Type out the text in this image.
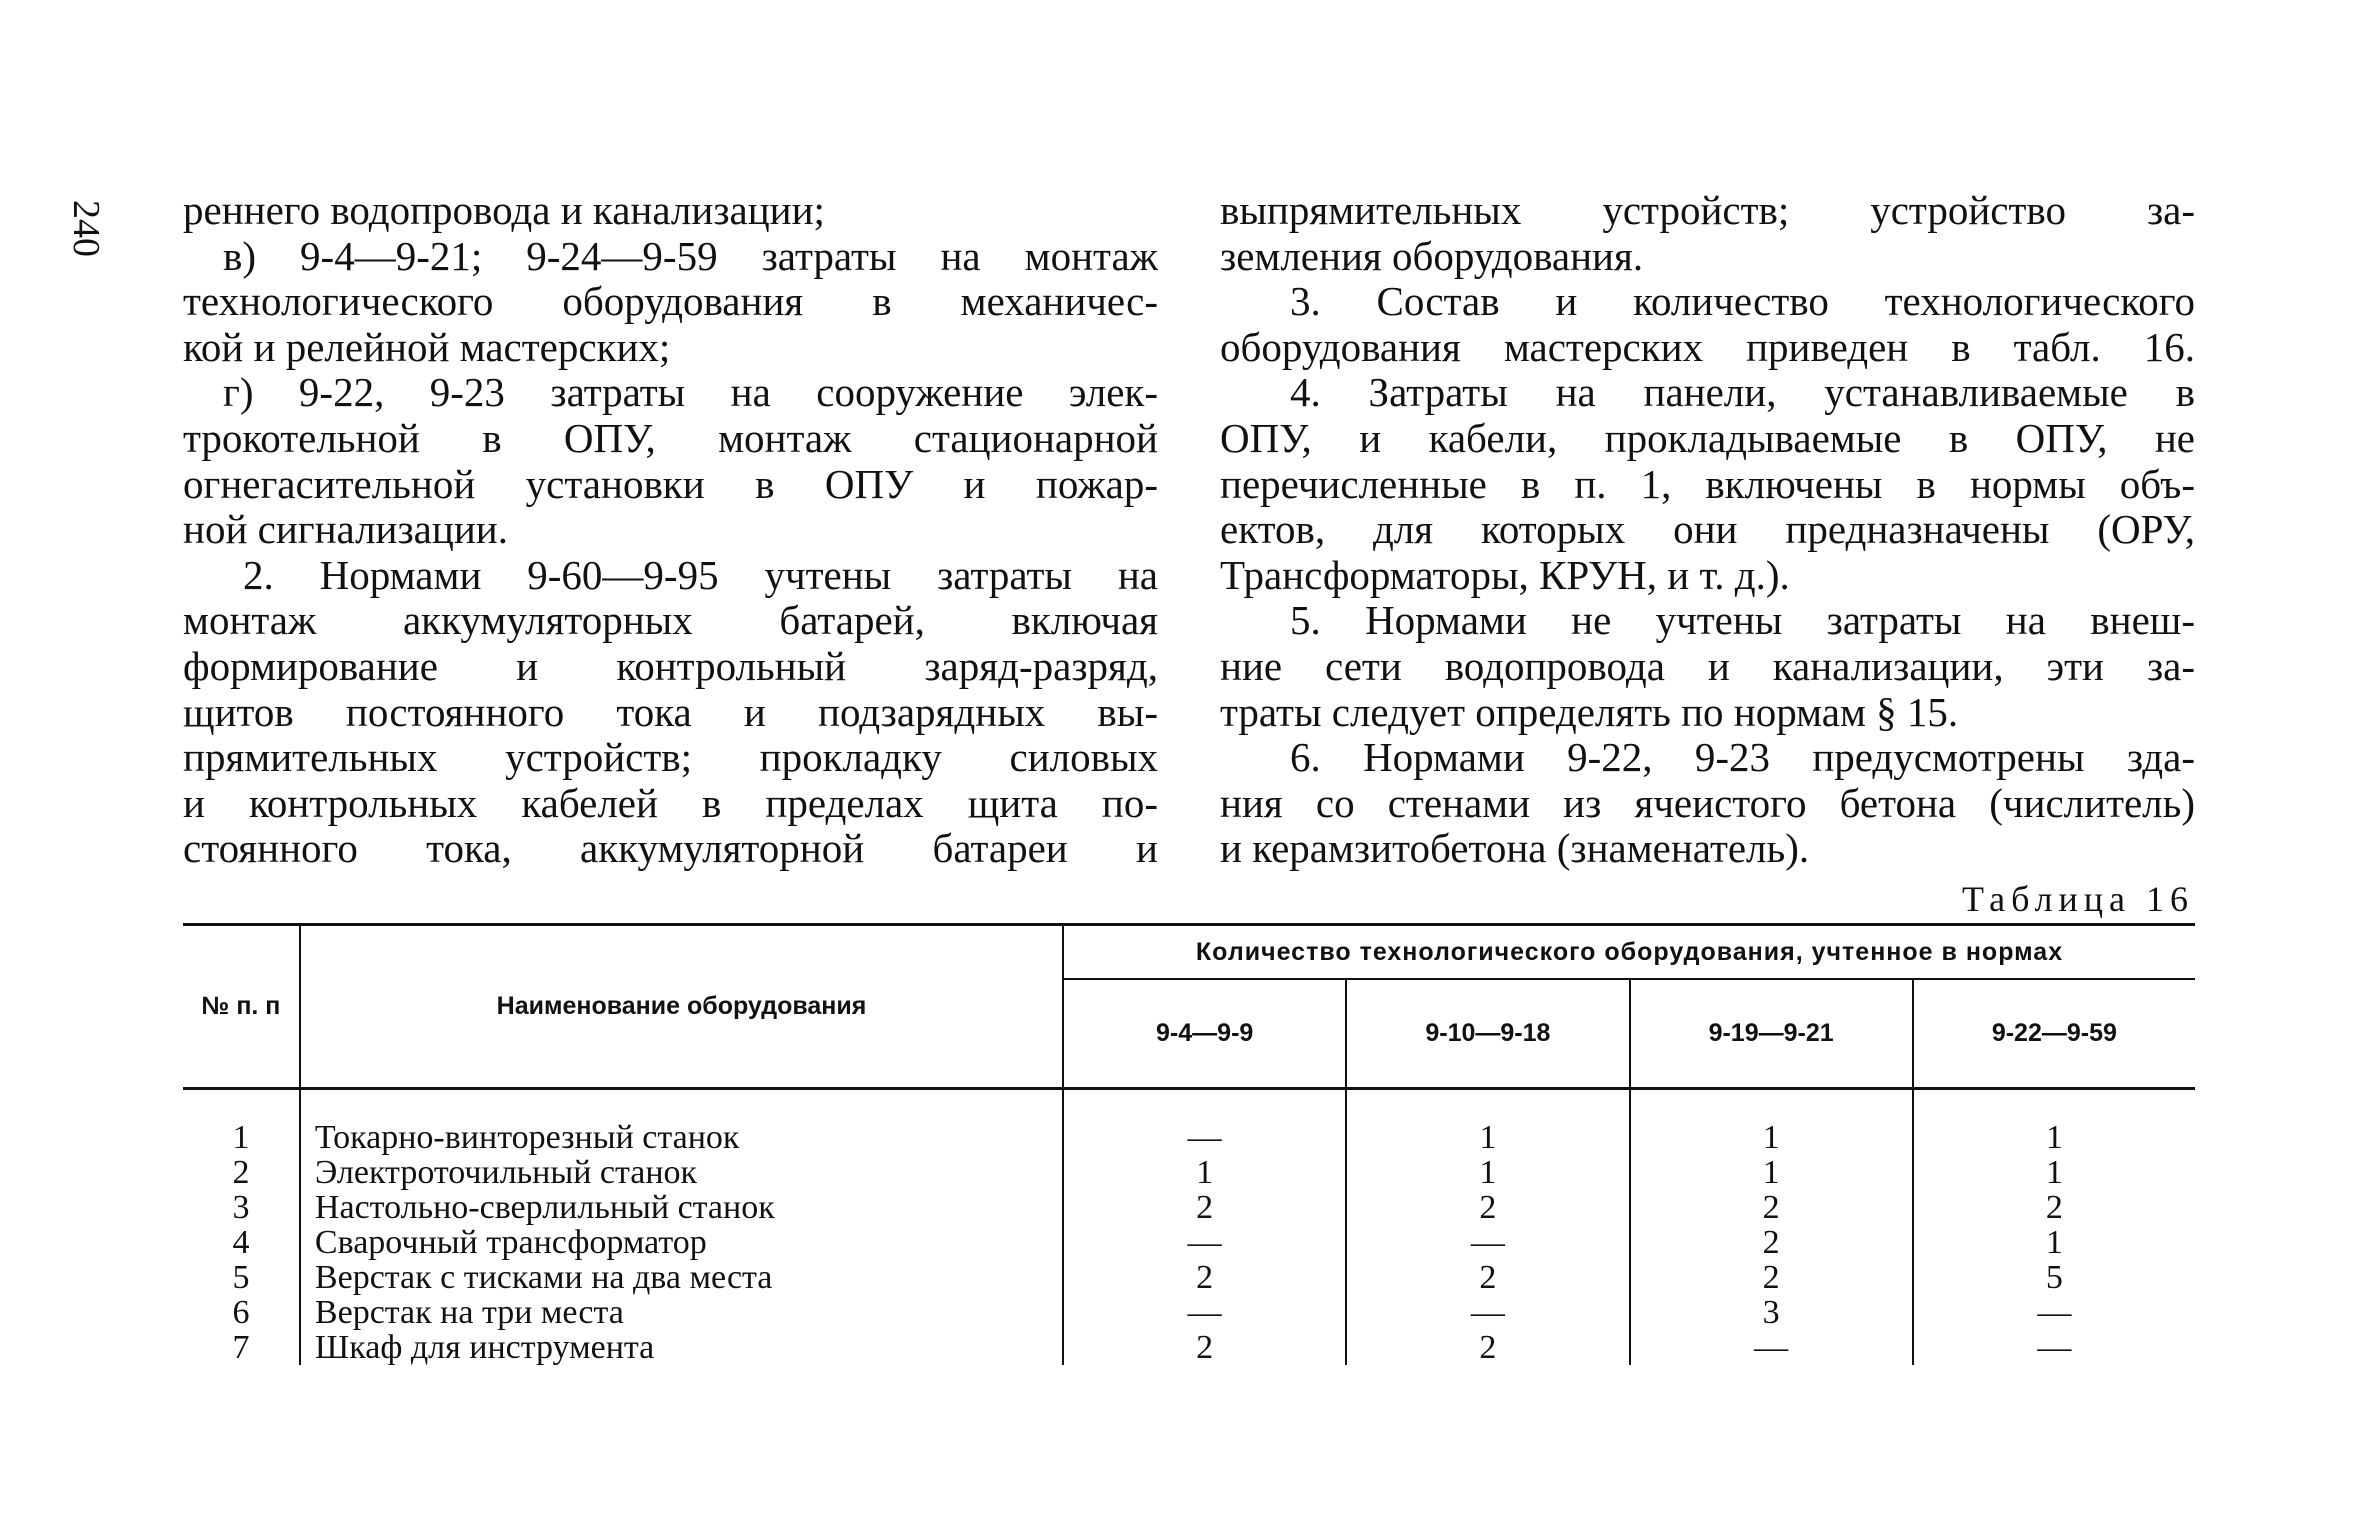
240 реннего водопровода и канализации;
в) 9-4—9-21; 9-24—9-59 затраты на монтаж
технологического оборудования в механичес-
кой и релейной мастерских;
г) 9-22, 9-23 затраты на сооружение элек-
трокотельной в ОПУ, монтаж стационарной
огнегасительной установки в ОПУ и пожар-
ной сигнализации.
2. Нормами 9-60—9-95 учтены затраты на
монтаж аккумуляторных батарей, включая
формирование и контрольный заряд-разряд,
щитов постоянного тока и подзарядных вы-
прямительных устройств; прокладку силовых
и контрольных кабелей в пределах щита по-
стоянного тока, аккумуляторной батареи и
выпрямительных устройств; устройство за-
земления оборудования.
3. Состав и количество технологического
оборудования мастерских приведен в табл. 16.
4. Затраты на панели, устанавливаемые в
ОПУ, и кабели, прокладываемые в ОПУ, не
перечисленные в п. 1, включены в нормы объ-
ектов, для которых они предназначены (ОРУ,
Трансформаторы, КРУН, и т. д.).
5. Нормами не учтены затраты на внеш-
ние сети водопровода и канализации, эти за-
траты следует определять по нормам § 15.
6. Нормами 9-22, 9-23 предусмотрены зда-
ния со стенами из ячеистого бетона (числитель)
и керамзитобетона (знаменатель).
Таблица 16
№ п. п	Наименование оборудования	Количество технологического оборудования, учтенное в нормах			
		9-4—9-9	9-10—9-18	9-19—9-21	9-22—9-59
1	Токарно-винторезный станок	—	1	1	1
2	Электроточильный станок	1	1	1	1
3	Настольно-сверлильный станок	2	2	2	2
4	Сварочный трансформатор	—	—	2	1
5	Верстак с тисками на два места	2	2	2	5
6	Верстак на три места	—	—	3	—
7	Шкаф для инструмента	2	2	—	—
